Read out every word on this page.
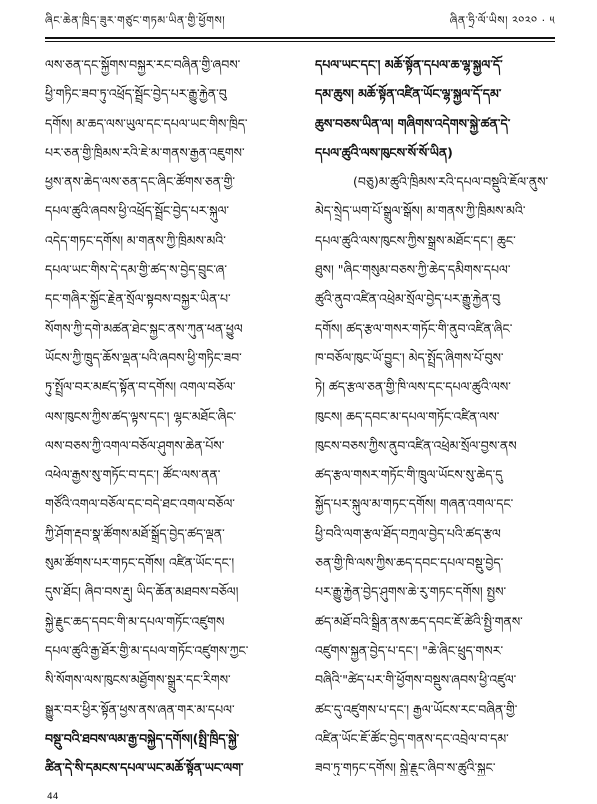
ཞིང་ཆེན་ཁྲིད་ཟུར་གཙུང་གཏམ་ཡིན་གྱི་ཕྱོགས།	ཞིན་ཧྲི་ལོ་ཡིས། ༢༠༢༠ · ༥
ལས་ཅན་དང་སྐྱོགས་བསྐྱར་རང་བཞིན་གྱི་ཞབས་
ཕྱི་གཏིང་ཟབ་ཏུ་འཕྲོད་སྦྲོང་བྱེད་པར་རྒྱུ་རྐྱེན་བུ
དགོས། མ་ཆད་ལས་ཡུལ་དང་དཔལ་ཡང་གིས་ཁྲིད་
པར་ཅན་གྱི་ཁྲིམས་རའི་ཇེ་མ་གནས་རྒྱན་འཇུགས་
ཕྱས་ནས་ཆེད་ལས་ཅན་དང་ཞིང་ཚོགས་ཅན་གྱི་
དཔལ་ཚུའི་ཞབས་ཕྱི་འཕྲོད་སྦྲོང་བྱེད་པར་སྐུལ་
འདེད་གཏང་དགོས། མ་གནས་ཀྱི་ཁྲིམས་མའི་
དཔལ་ཡང་གིས་དེ་དམ་གྱི་ཚད་ས་བྱེད་བྲུང་ཞ་
དང་གཞིར་སྐྱོང་རྗེན་སྲོལ་སྟབས་བསྐྱར་ཡིན་པ་
སོགས་ཀྱི་དགེ་མཚན་ཐེང་སྐྱང་ནས་ཀུན་ཕན་ཕྱུལ
ཡོངས་ཀྱི་ཁྲུད་ཆོས་ལྡན་པའི་ཞབས་ཕྱི་གཏིང་ཟབ་
ཏུ་སྤྲོལ་བར་མཛད་སྟོན་བ་དགོས། འགལ་བཅོལ་
ལས་ཁུངས་ཀྱིས་ཚད་ལྟས་དང་། ལྷང་མཐོང་ཞིང་
ལས་བཅས་ཀྱི་འགལ་བཅོལ་ཤུགས་ཆེན་པོས་
འཕེལ་རྒྱས་སུ་གཏོང་བ་དང་། ཚོང་ལས་ནན་
གཙོའི་འགལ་བཅོལ་དང་བདེ་ཐང་འགལ་བཅོལ་
ཀྱི་ཤོག་རྡབ་སྣ་ཚོགས་མཐོ་སྒྲོད་བྱེད་ཚད་ལྡན་
སུམ་ཚོགས་པར་གཏང་དགོས། འཛིན་ཡོང་དང་།
དུས་ཐོང། ཞིབ་བས་རྡུ། ཡིད་ཆོན་མཐབས་བཅོལ།
སྐྱེ་རྗུང་ཆད་དབང་གི་མ་དཔལ་གཏོང་འཛུགས
དཔལ་ཚུའི་རྒྱ་ཐོར་གྱི་མ་དཔལ་གཏོང་འཛུགས་ཀྱང་
སི་སོགས་ལས་ཁུངས་མཐྱོགས་སྒྲུར་དང་རིགས་
སྒྱུར་བར་ཕྱིར་སྟོན་ཕྱས་ནས་ཞན་གར་མ་དཔལ་
བསྡུ་བའི་ཐབས་ལམ་རྒྱ་བསྐྱེད་དགོས།(སྤྲི་ཁྲིད་སྐྱེ་
ཚིན་དེ་སི་དམངས་དཔལ་ཡང་མཆོ་སྟོན་ཡང་ལག་
དཔལ་ཡང་དང་། མཆོ་སྟོན་དཔལ་ཆ་ལྷ་སྐྱལ་དོ་
དམ་ཆུས། མཆོ་སྟོན་འཛིན་ཡོང་ལྷ་སྐྱལ་དོ་དམ་
ཆུས་བཅས་ཡིན་ལ། གཞིགས་འདེགས་སྐྱེ་ཚན་དེ་
དཔལ་ཚུའི་ལས་ཁུངས་སོ་སོ་ཡིན)
(བཅུ)མ་ཚུའི་ཁྲིམས་རའི་དཔལ་བསྡུའི་ཇོལ་ནུས་
མེད་སྲྲེད་ཡག་པོ་སྒྲུལ་སྒོས། མ་གནས་ཀྱི་ཁྲིམས་མའི་
དཔལ་ཚུའི་ལས་ཁུངས་ཀྱིས་སྒྲས་མཐོང་དང་། ཆུང་
ཐུས། "ཞིང་གསུམ་བཅས་ཀྱི་ཆེད་དམིགས་དཔལ་
ཚུའི་ནུབ་འཛིན་འཕྲེམ་སྲོལ་བྱེད་པར་རྒྱུ་རྐྱེན་བུ
དགོས། ཚད་རྩལ་གསར་གཏོང་གི་ནུབ་འཛིན་ཞིང་
ཁ་བཅོལ་ཁུང་ཡོ་བྱུང་། མེད་སྤྲོད་ཞིགས་པོ་བུས་
ཏེ། ཚད་རྩལ་ཅན་གྱི་ཁི་ལས་དང་དཔལ་ཚུའི་ལས་
ཁུངས། ཆད་དབང་མ་དཔལ་གཏོང་འཛིན་ལས་
ཁུངས་བཅས་ཀྱིས་ནུབ་འཛིན་འཕྲེམ་སྲོལ་བྱས་ནས
ཚད་རྩལ་གསར་གཏོང་གི་ཁྲུལ་ཡོངས་སུ་ཆེད་དུ
སྐྱོད་པར་སྐུལ་མ་གཏང་དགོས། གཞན་འགལ་དང་
ཕྱི་བའི་ལག་རྩལ་ཐོད་བཀྲལ་བྱེད་པའི་ཚད་རྩལ
ཅན་གྱི་ཁི་ལས་ཀྱིས་ཆད་དབང་དཔལ་བསྡུ་བྱེད་
པར་རྒྱུ་རྐྱེན་བྱེད་ཤུགས་ཆེ་རུ་གཏང་དགོས། སྤྱས་
ཚད་མཐོ་བའི་སྒྲིན་ནས་ཆད་དབང་ཇོ་ཚེའི་སྤྱི་གནས་
འཛུགས་སྐྱན་བྱེད་པ་དང་། "ཆེ་ཞིང་ཕྲུད་གསར་
བཞིའི་"ཚེད་པར་གི་ཕྱོགས་བསྡུས་ཞབས་ཕྱི་འཛུལ་
ཚང་དུ་འཛུགས་པ་དང་། རྒྱལ་ཡོངས་རང་བཞིན་གྱི་
འཛིན་ཡོང་ཇོ་ཚོང་བྱེད་གནས་དང་འབྲེལ་བ་དམ་
ཟབ་ཏུ་གཏང་དགོས། སྐྱེ་རྗུང་ཞིབ་ས་ཚུའི་སྐྱང་
44
